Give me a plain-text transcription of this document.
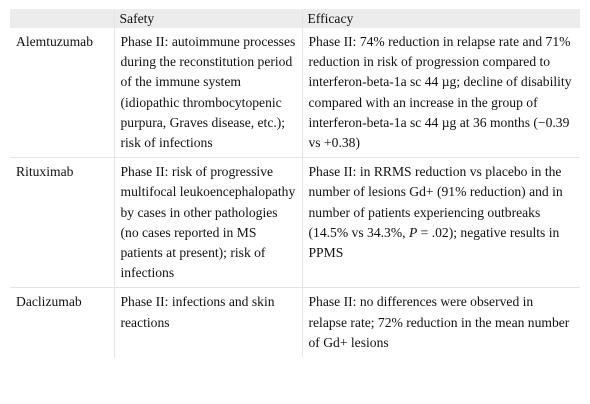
	Safety	Efficacy
Alemtuzumab	Phase II: autoimmune processes during the reconstitution period of the immune system (idiopathic thrombocytopenic purpura, Graves disease, etc.); risk of infections	Phase II: 74% reduction in relapse rate and 71% reduction in risk of progression compared to interferon-beta-1a sc 44 µg; decline of disability compared with an increase in the group of interferon-beta-1a sc 44 µg at 36 months (−0.39 vs +0.38)
Rituximab	Phase II: risk of progressive multifocal leukoencephalopathy by cases in other pathologies (no cases reported in MS patients at present); risk of infections	Phase II: in RRMS reduction vs placebo in the number of lesions Gd+ (91% reduction) and in number of patients experiencing outbreaks (14.5% vs 34.3%, P = .02); negative results in PPMS
Daclizumab	Phase II: infections and skin reactions	Phase II: no differences were observed in relapse rate; 72% reduction in the mean number of Gd+ lesions
